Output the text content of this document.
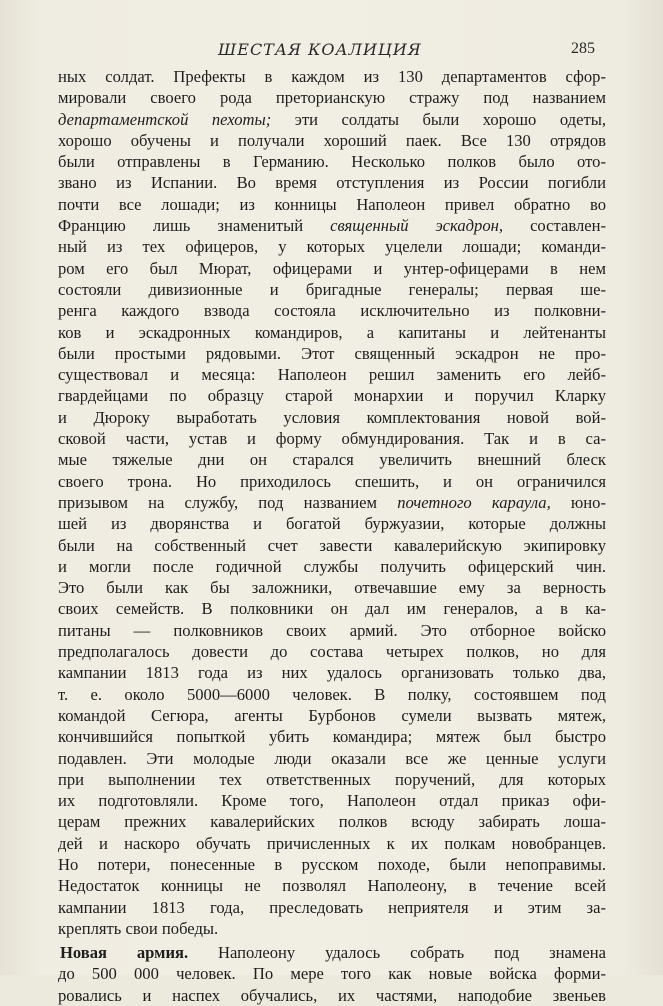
ШЕСТАЯ КОАЛИЦИЯ	285
ных солдат. Префекты в каждом из 130 департаментов сфор-
мировали своего рода преторианскую стражу под названием
департаментской пехоты; эти солдаты были хорошо одеты,
хорошо обучены и получали хороший паек. Все 130 отрядов
были отправлены в Германию. Несколько полков было ото-
звано из Испании. Во время отступления из России погибли
почти все лошади; из конницы Наполеон привел обратно во
Францию лишь знаменитый священный эскадрон, составлен-
ный из тех офицеров, у которых уцелели лошади; команди-
ром его был Мюрат, офицерами и унтер-офицерами в нем
состояли дивизионные и бригадные генералы; первая ше-
ренга каждого взвода состояла исключительно из полковни-
ков и эскадронных командиров, а капитаны и лейтенанты
были простыми рядовыми. Этот священный эскадрон не про-
существовал и месяца: Наполеон решил заменить его лейб-
гвардейцами по образцу старой монархии и поручил Кларку
и Дюроку выработать условия комплектования новой вой-
сковой части, устав и форму обмундирования. Так и в са-
мые тяжелые дни он старался увеличить внешний блеск
своего трона. Но приходилось спешить, и он ограничился
призывом на службу, под названием почетного караула, юно-
шей из дворянства и богатой буржуазии, которые должны
были на собственный счет завести кавалерийскую экипировку
и могли после годичной службы получить офицерский чин.
Это были как бы заложники, отвечавшие ему за верность
своих семейств. В полковники он дал им генералов, а в ка-
питаны — полковников своих армий. Это отборное войско
предполагалось довести до состава четырех полков, но для
кампании 1813 года из них удалось организовать только два,
т. е. около 5000—6000 человек. В полку, состоявшем под
командой Сегюра, агенты Бурбонов сумели вызвать мятеж,
кончившийся попыткой убить командира; мятеж был быстро
подавлен. Эти молодые люди оказали все же ценные услуги
при выполнении тех ответственных поручений, для которых
их подготовляли. Кроме того, Наполеон отдал приказ офи-
церам прежних кавалерийских полков всюду забирать лоша-
дей и наскоро обучать причисленных к их полкам новобранцев.
Но потери, понесенные в русском походе, были непоправимы.
Недостаток конницы не позволял Наполеону, в течение всей
кампании 1813 года, преследовать неприятеля и этим за-
креплять свои победы.
Новая армия. Наполеону удалось собрать под знамена
до 500 000 человек. По мере того как новые войска форми-
ровались и наспех обучались, их частями, наподобие звеньев
